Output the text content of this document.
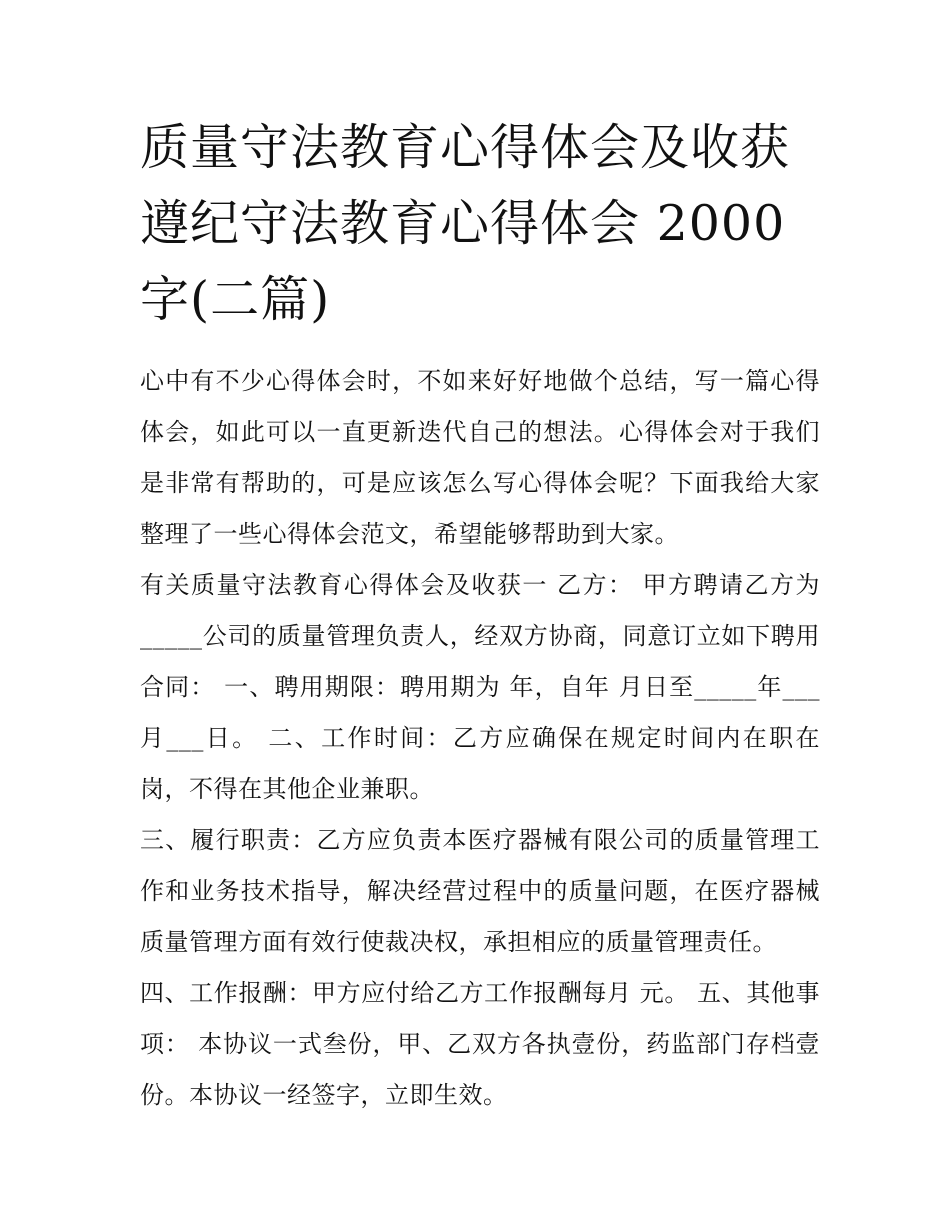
质量守法教育心得体会及收获遵纪守法教育心得体会 2000 字(二篇)

心中有不少心得体会时，不如来好好地做个总结，写一篇心得体会，如此可以一直更新迭代自己的想法。心得体会对于我们是非常有帮助的，可是应该怎么写心得体会呢？下面我给大家整理了一些心得体会范文，希望能够帮助到大家。

有关质量守法教育心得体会及收获一 乙方： 甲方聘请乙方为_____公司的质量管理负责人，经双方协商，同意订立如下聘用合同： 一、聘用期限：聘用期为 年，自年 月日至_____年___月___日。 二、工作时间：乙方应确保在规定时间内在职在岗，不得在其他企业兼职。

三、履行职责：乙方应负责本医疗器械有限公司的质量管理工作和业务技术指导，解决经营过程中的质量问题，在医疗器械质量管理方面有效行使裁决权，承担相应的质量管理责任。

四、工作报酬：甲方应付给乙方工作报酬每月 元。 五、其他事项： 本协议一式叁份，甲、乙双方各执壹份，药监部门存档壹份。本协议一经签字，立即生效。
